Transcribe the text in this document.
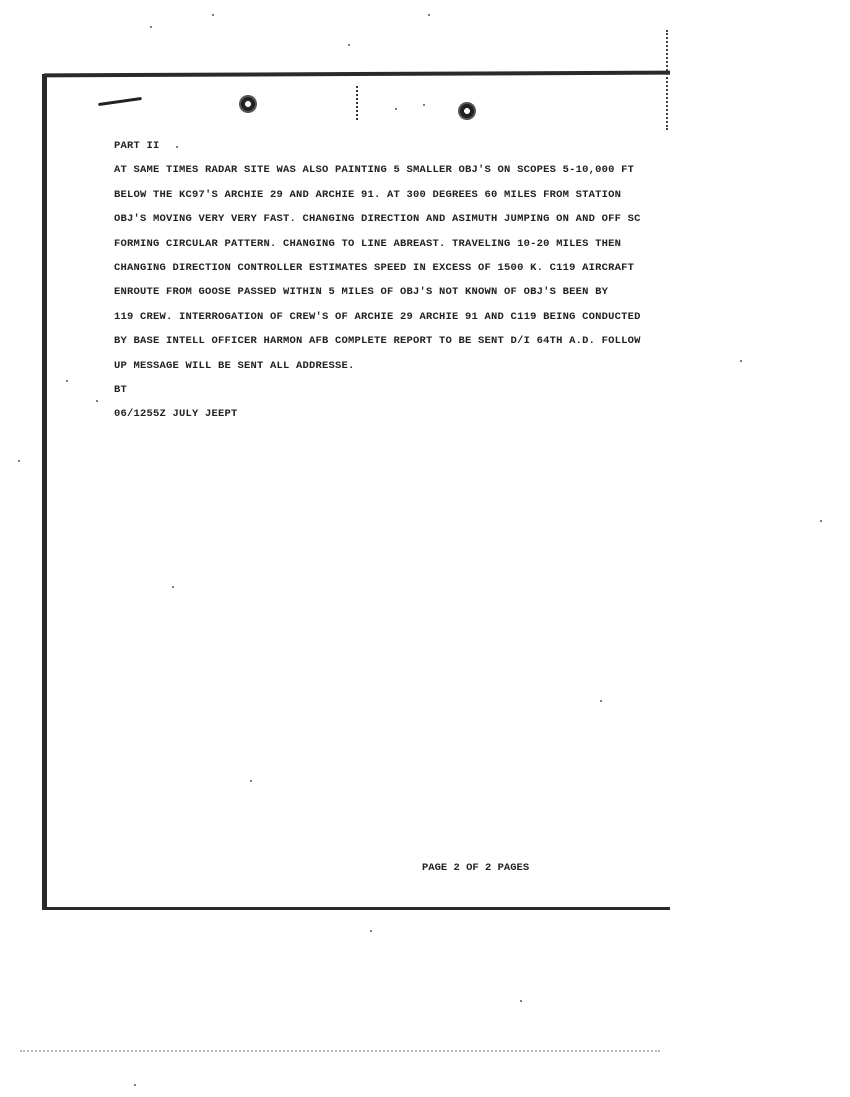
PART II
AT SAME TIMES RADAR SITE WAS ALSO PAINTING 5 SMALLER OBJ'S ON SCOPES 5-10,000 FT
BELOW THE KC97'S ARCHIE 29 AND ARCHIE 91. AT 300 DEGREES 60 MILES FROM STATION
OBJ'S MOVING VERY VERY FAST. CHANGING DIRECTION AND ASIMUTH JUMPING ON AND OFF SC
FORMING CIRCULAR PATTERN. CHANGING TO LINE ABREAST. TRAVELING 10-20 MILES THEN
CHANGING DIRECTION CONTROLLER ESTIMATES SPEED IN EXCESS OF 1500 K. C119 AIRCRAFT
ENROUTE FROM GOOSE PASSED WITHIN 5 MILES OF OBJ'S NOT KNOWN OF OBJ'S BEEN BY
119 CREW. INTERROGATION OF CREW'S OF ARCHIE 29 ARCHIE 91 AND C119 BEING CONDUCTED
BY BASE INTELL OFFICER HARMON AFB COMPLETE REPORT TO BE SENT D/I 64TH A.D. FOLLOW
UP MESSAGE WILL BE SENT ALL ADDRESSE.
BT
06/1255Z JULY JEEPT
PAGE 2 OF 2 PAGES
